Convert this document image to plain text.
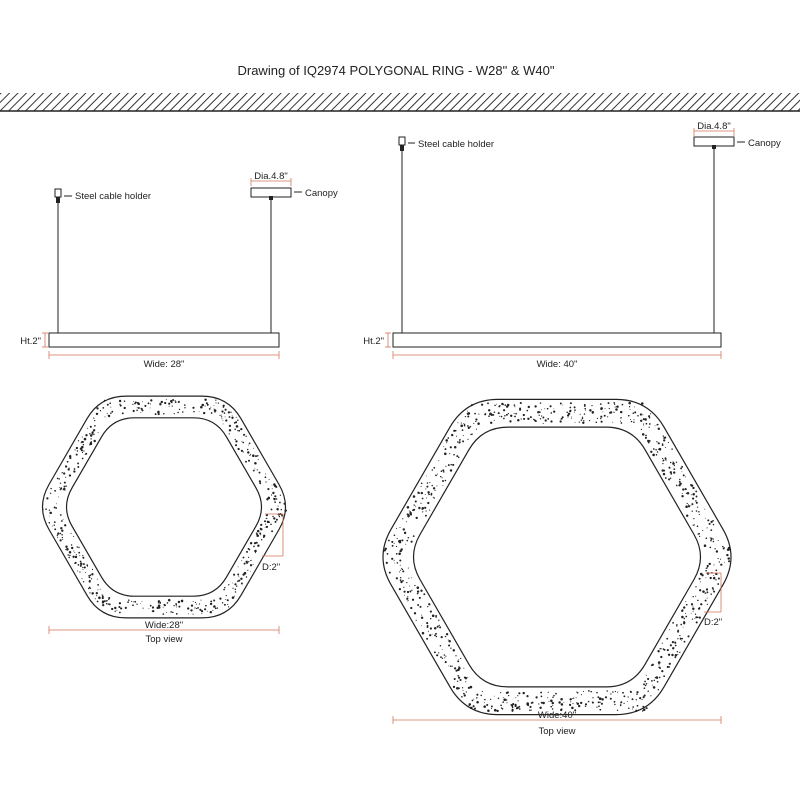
Drawing of IQ2974 POLYGONAL RING - W28" & W40"
Steel cable holder	Canopy
Dia.4.8"
Ht.2"
Wide: 28"
Steel cable holder	Canopy
Dia.4.8"
Ht.2"
Wide: 40"
D:2"
Wide:28"
Top view
D:2"
Wide:40"
Top view
